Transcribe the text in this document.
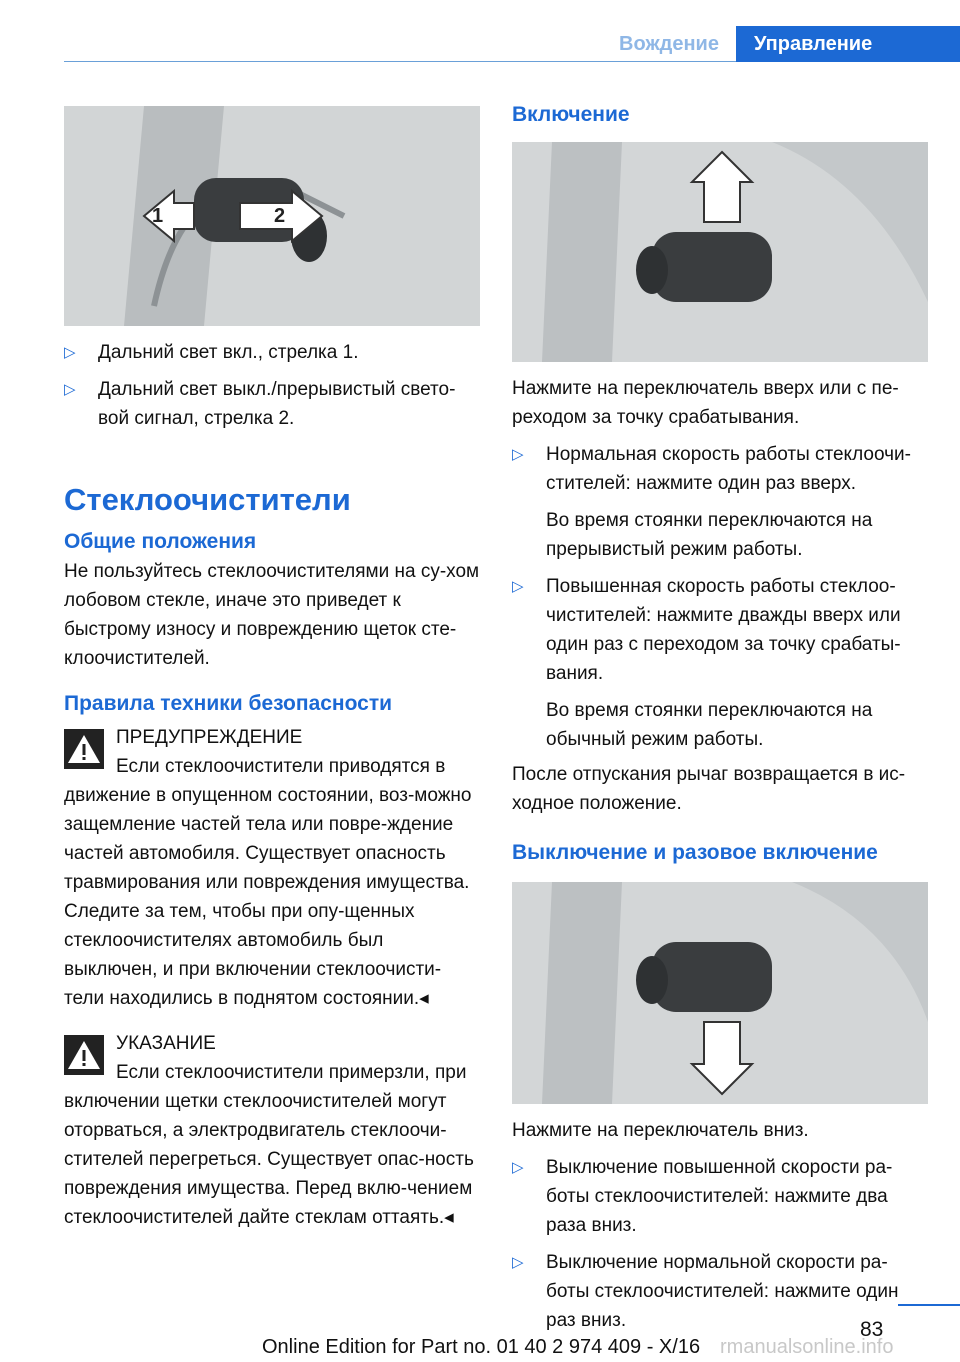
Вождение	Управление
1	2

▷ Дальний свет вкл., стрелка 1.

▷ Дальний свет выкл./прерывистый свето-вой сигнал, стрелка 2.

Стеклоочистители
Общие положения

Не пользуйтесь стеклоочистителями на су-хом лобовом стекле, иначе это приведет к быстрому износу и повреждению щеток сте-клоочистителей.

Правила техники безопасности

ПРЕДУПРЕЖДЕНИЕ

Если стеклоочистители приводятся в движение в опущенном состоянии, воз-можно защемление частей тела или повре-ждение частей автомобиля. Существует опасность травмирования или повреждения имущества. Следите за тем, чтобы при опу-щенных стеклоочистителях автомобиль был выключен, и при включении стеклоочисти-тели находились в поднятом состоянии.◂

УКАЗАНИЕ

Если стеклоочистители примерзли, при включении щетки стеклоочистителей могут оторваться, а электродвигатель стеклоочи-стителей перегреться. Существует опас-ность повреждения имущества. Перед вклю-чением стеклоочистителей дайте стеклам оттаять.◂

Включение

Нажмите на переключатель вверх или с пе-реходом за точку срабатывания.

▷ Нормальная скорость работы стеклоочи-стителей: нажмите один раз вверх.

Во время стоянки переключаются на прерывистый режим работы.

▷ Повышенная скорость работы стеклоо-чистителей: нажмите дважды вверх или один раз с переходом за точку срабаты-вания.

Во время стоянки переключаются на обычный режим работы.

После отпускания рычаг возвращается в ис-ходное положение.

Выключение и разовое включение

Нажмите на переключатель вниз.

▷ Выключение повышенной скорости ра-боты стеклоочистителей: нажмите два раза вниз.

▷ Выключение нормальной скорости ра-боты стеклоочистителей: нажмите один раз вниз.	83
Online Edition for Part no. 01 40 2 974 409 - X/16 rmanualsonline.info
